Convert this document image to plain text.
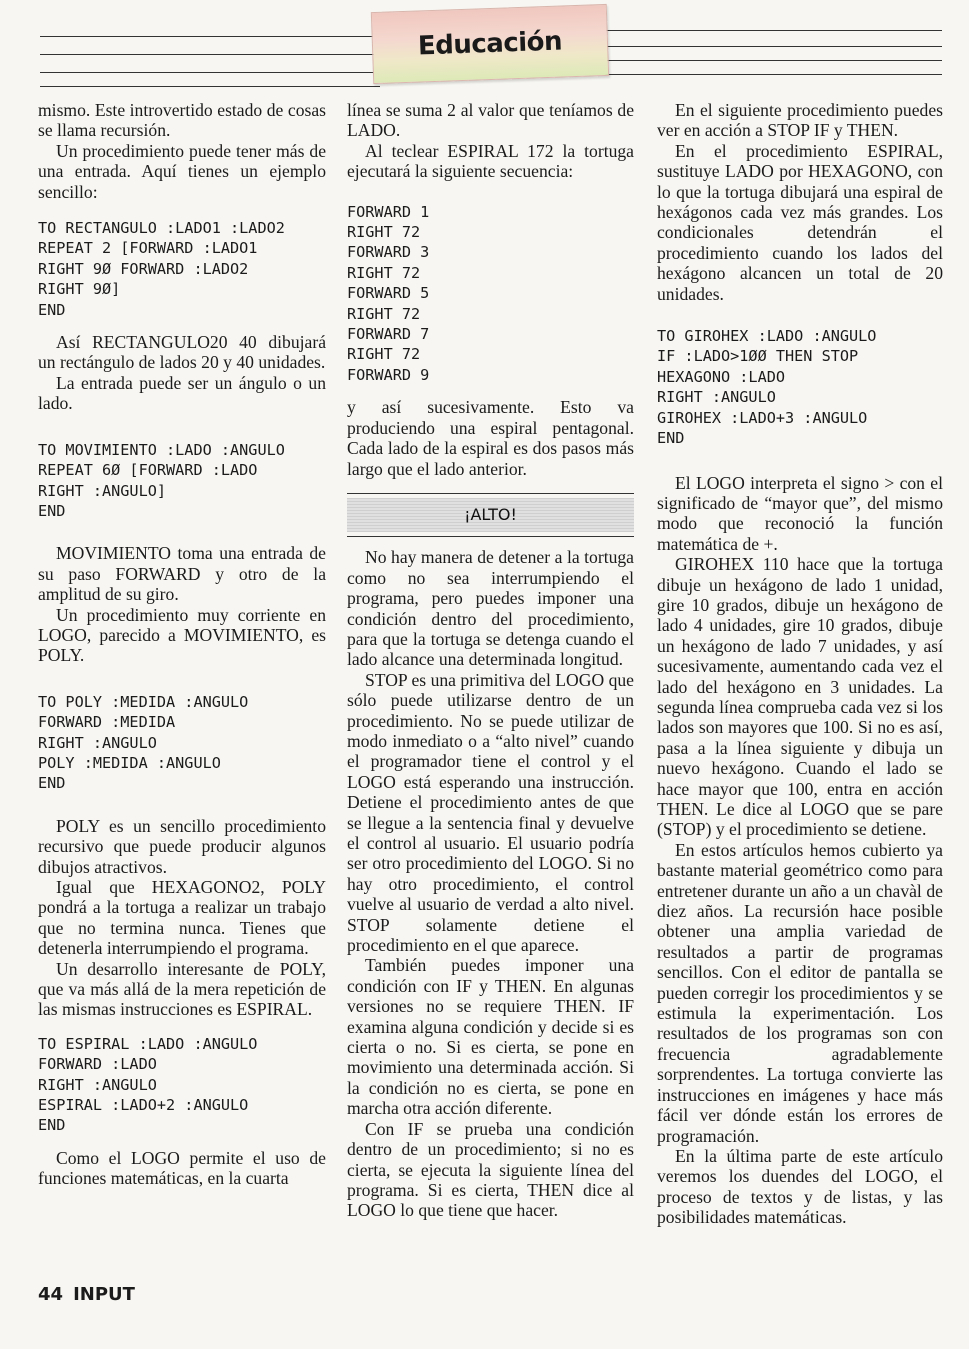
Educación

mismo. Este introvertido estado de cosas se llama recursión.

Un procedimiento puede tener más de una entrada. Aquí tienes un ejemplo sencillo:

TO RECTANGULO :LADO1 :LADO2
REPEAT 2 [FORWARD :LADO1
RIGHT 9Ø FORWARD :LADO2
RIGHT 9Ø]
END

Así RECTANGULO20 40 dibujará un rectángulo de lados 20 y 40 unidades.

La entrada puede ser un ángulo o un lado.

TO MOVIMIENTO :LADO :ANGULO
REPEAT 6Ø [FORWARD :LADO
RIGHT :ANGULO]
END

MOVIMIENTO toma una entrada de su paso FORWARD y otro de la amplitud de su giro.

Un procedimiento muy corriente en LOGO, parecido a MOVIMIENTO, es POLY.

TO POLY :MEDIDA :ANGULO
FORWARD :MEDIDA
RIGHT :ANGULO
POLY :MEDIDA :ANGULO
END

POLY es un sencillo procedimiento recursivo que puede producir algunos dibujos atractivos.

Igual que HEXAGONO2, POLY pondrá a la tortuga a realizar un trabajo que no termina nunca. Tienes que detenerla interrumpiendo el programa.

Un desarrollo interesante de POLY, que va más allá de la mera repetición de las mismas instrucciones es ESPIRAL.

TO ESPIRAL :LADO :ANGULO
FORWARD :LADO
RIGHT :ANGULO
ESPIRAL :LADO+2 :ANGULO
END

Como el LOGO permite el uso de funciones matemáticas, en la cuarta

línea se suma 2 al valor que teníamos de LADO.

Al teclear ESPIRAL 172 la tortuga ejecutará la siguiente secuencia:

FORWARD 1
RIGHT 72
FORWARD 3
RIGHT 72
FORWARD 5
RIGHT 72
FORWARD 7
RIGHT 72
FORWARD 9

y así sucesivamente. Esto va produciendo una espiral pentagonal. Cada lado de la espiral es dos pasos más largo que el lado anterior.

¡ALTO!

No hay manera de detener a la tortuga como no sea interrumpiendo el programa, pero puedes imponer una condición dentro del procedimiento, para que la tortuga se detenga cuando el lado alcance una determinada longitud.

STOP es una primitiva del LOGO que sólo puede utilizarse dentro de un procedimiento. No se puede utilizar de modo inmediato o a “alto nivel” cuando el programador tiene el control y el LOGO está esperando una instrucción. Detiene el procedimiento antes de que se llegue a la sentencia final y devuelve el control al usuario. El usuario podría ser otro procedimiento del LOGO. Si no hay otro procedimiento, el control vuelve al usuario de verdad a alto nivel. STOP solamente detiene el procedimiento en el que aparece.

También puedes imponer una condición con IF y THEN. En algunas versiones no se requiere THEN. IF examina alguna condición y decide si es cierta o no. Si es cierta, se pone en movimiento una determinada acción. Si la condición no es cierta, se pone en marcha otra acción diferente.

Con IF se prueba una condición dentro de un procedimiento; si no es cierta, se ejecuta la siguiente línea del programa. Si es cierta, THEN dice al LOGO lo que tiene que hacer.

En el siguiente procedimiento puedes ver en acción a STOP IF y THEN.

En el procedimiento ESPIRAL, sustituye LADO por HEXAGONO, con lo que la tortuga dibujará una espiral de hexágonos cada vez más grandes. Los condicionales detendrán el procedimiento cuando los lados del hexágono alcancen un total de 20 unidades.

TO GIROHEX :LADO :ANGULO
IF :LADO>1ØØ THEN STOP
HEXAGONO :LADO
RIGHT :ANGULO
GIROHEX :LADO+3 :ANGULO
END

El LOGO interpreta el signo > con el significado de “mayor que”, del mismo modo que reconoció la función matemática de +.

GIROHEX 110 hace que la tortuga dibuje un hexágono de lado 1 unidad, gire 10 grados, dibuje un hexágono de lado 4 unidades, gire 10 grados, dibuje un hexágono de lado 7 unidades, y así sucesivamente, aumentando cada vez el lado del hexágono en 3 unidades. La segunda línea comprueba cada vez si los lados son mayores que 100. Si no es así, pasa a la línea siguiente y dibuja un nuevo hexágono. Cuando el lado se hace mayor que 100, entra en acción THEN. Le dice al LOGO que se pare (STOP) y el procedimiento se detiene.

En estos artículos hemos cubierto ya bastante material geométrico como para entretener durante un año a un chavàl de diez años. La recursión hace posible obtener una amplia variedad de resultados a partir de programas sencillos. Con el editor de pantalla se pueden corregir los procedimientos y se estimula la experimentación. Los resultados de los programas son con frecuencia agradablemente sorprendentes. La tortuga convierte las instrucciones en imágenes y hace más fácil ver dónde están los errores de programación.

En la última parte de este artículo veremos los duendes del LOGO, el proceso de textos y de listas, y las posibilidades matemáticas.

44 INPUT
